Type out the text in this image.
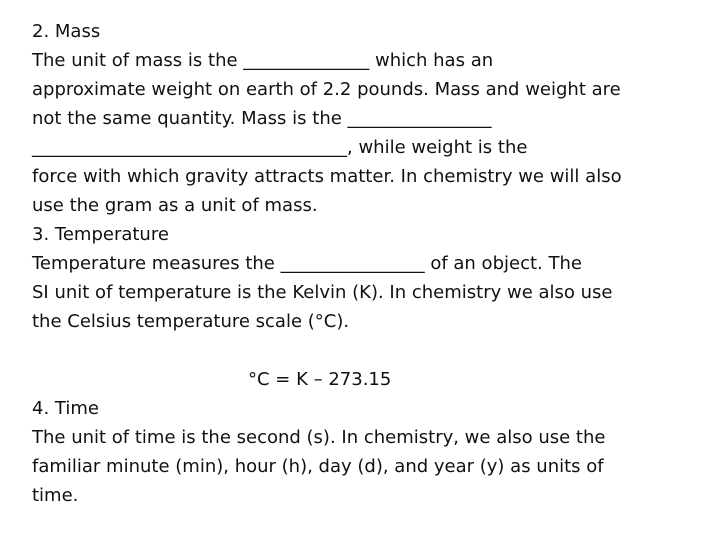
2. Mass
The unit of mass is the ______________ which has an
approximate weight on earth of 2.2 pounds. Mass and weight are
not the same quantity. Mass is the ________________
___________________________________, while weight is the
force with which gravity attracts matter. In chemistry we will also
use the gram as a unit of mass.
3. Temperature
Temperature measures the ________________ of an object. The
SI unit of temperature is the Kelvin (K). In chemistry we also use
the Celsius temperature scale (°C).
°C = K – 273.15
4. Time
The unit of time is the second (s). In chemistry, we also use the
familiar minute (min), hour (h), day (d), and year (y) as units of
time.
